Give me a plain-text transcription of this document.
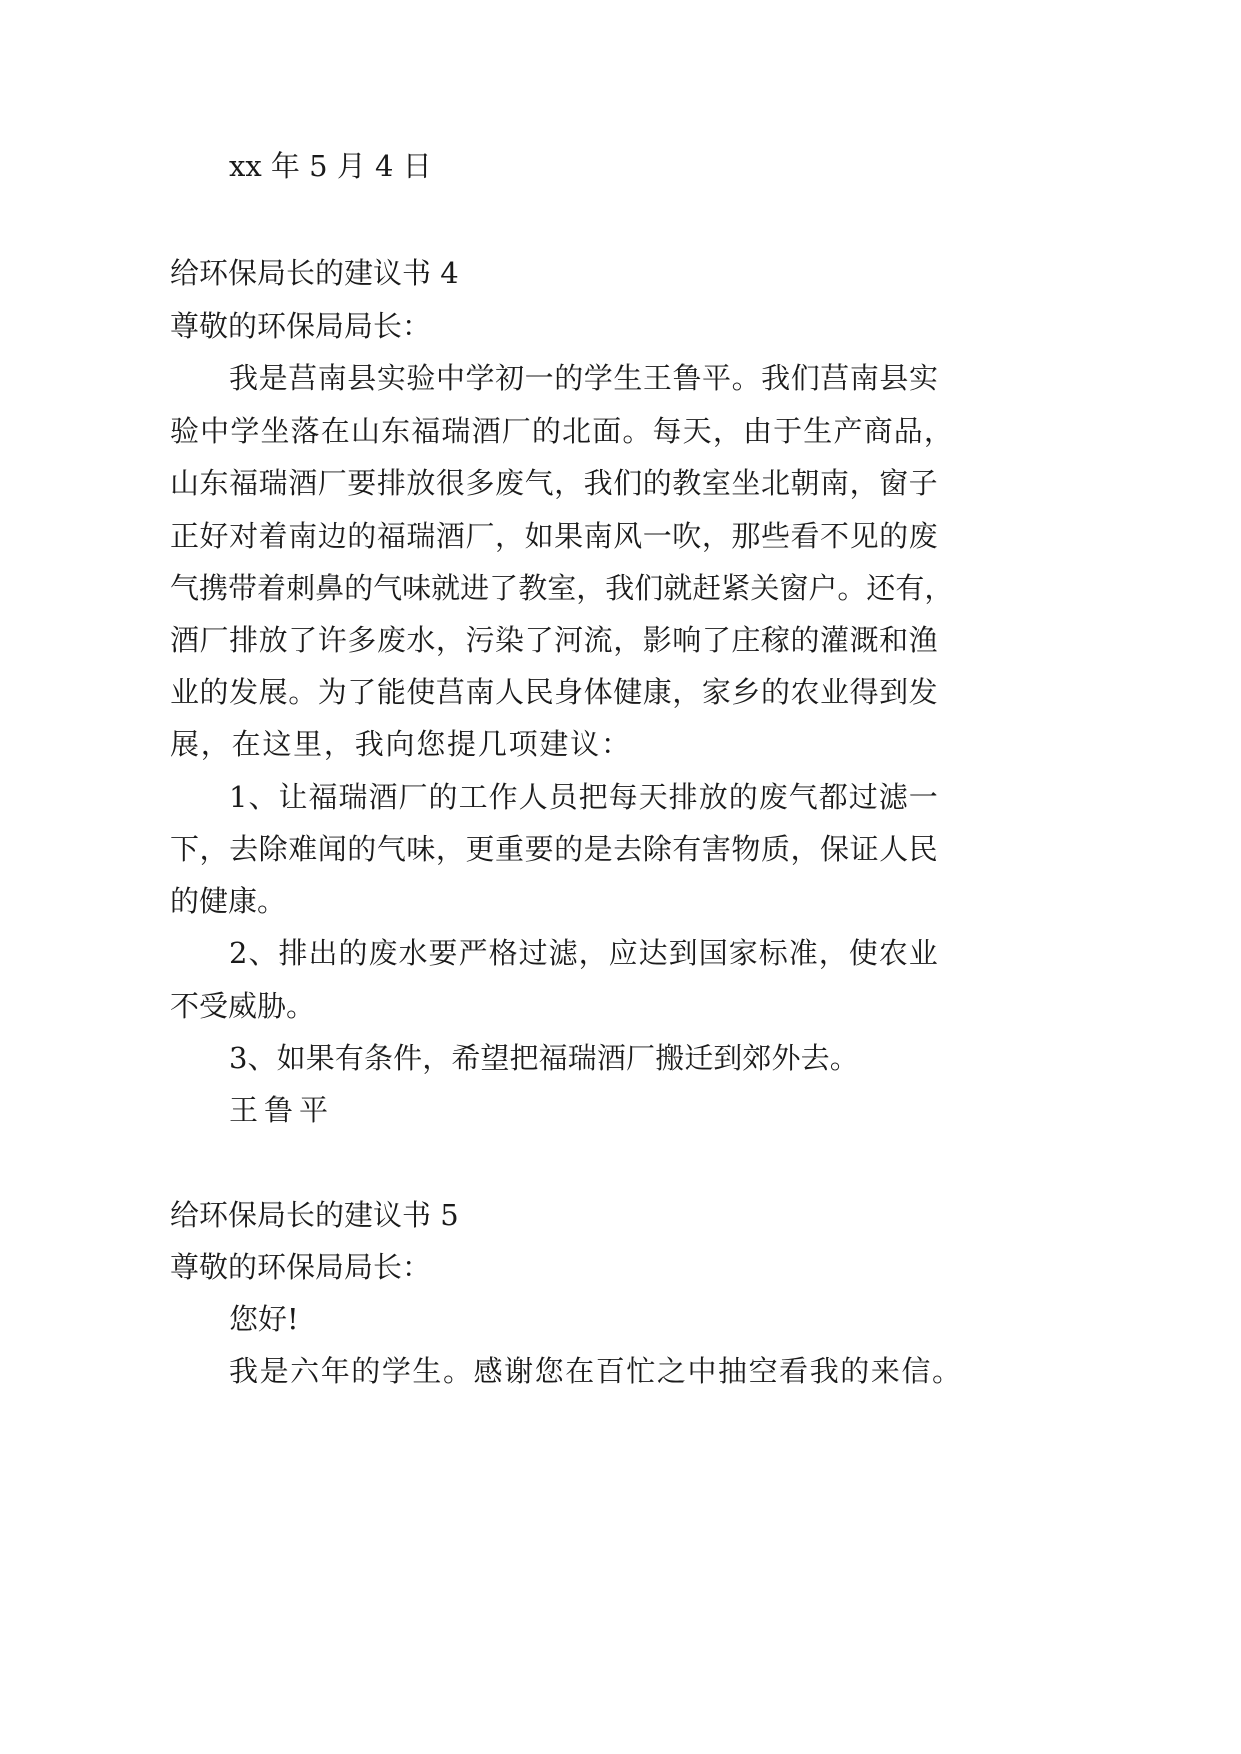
xx 年 5 月 4 日
给环保局长的建议书 4
尊敬的环保局局长：
我 是 莒 南 县 实 验 中 学 初 一 的 学 生 王 鲁 平 。 我 们 莒 南 县 实
验 中 学 坐 落 在 山 东 福 瑞 酒 厂 的 北 面 。 每 天 ， 由 于 生 产 商 品 ，
山 东 福 瑞 酒 厂 要 排 放 很 多 废 气 ， 我 们 的 教 室 坐 北 朝 南 ， 窗 子
正 好 对 着 南 边 的 福 瑞 酒 厂 ， 如 果 南 风 一 吹 ， 那 些 看 不 见 的 废
气 携 带 着 刺 鼻 的 气 味 就 进 了 教 室 ， 我 们 就 赶 紧 关 窗 户 。 还 有 ，
酒 厂 排 放 了 许 多 废 水 ， 污 染 了 河 流 ， 影 响 了 庄 稼 的 灌 溉 和 渔
业 的 发 展 。 为 了 能 使 莒 南 人 民 身 体 健 康 ， 家 乡 的 农 业 得 到 发
展 ， 在 这 里 ， 我 向 您 提 几 项 建 议 ：
1 、 让 福 瑞 酒 厂 的 工 作 人 员 把 每 天 排 放 的 废 气 都 过 滤 一
下 ， 去 除 难 闻 的 气 味 ， 更 重 要 的 是 去 除 有 害 物 质 ， 保 证 人 民
的健康。
2 、 排 出 的 废 水 要 严 格 过 滤 ， 应 达 到 国 家 标 准 ， 使 农 业
不受威胁。
3 、 如 果 有 条 件 ， 希 望 把 福 瑞 酒 厂 搬 迁 到 郊 外 去 。
王鲁平
给环保局长的建议书 5
尊敬的环保局局长：
您好!
我 是 六 年 的 学 生 。 感 谢 您 在 百 忙 之 中 抽 空 看 我 的 来 信 。
